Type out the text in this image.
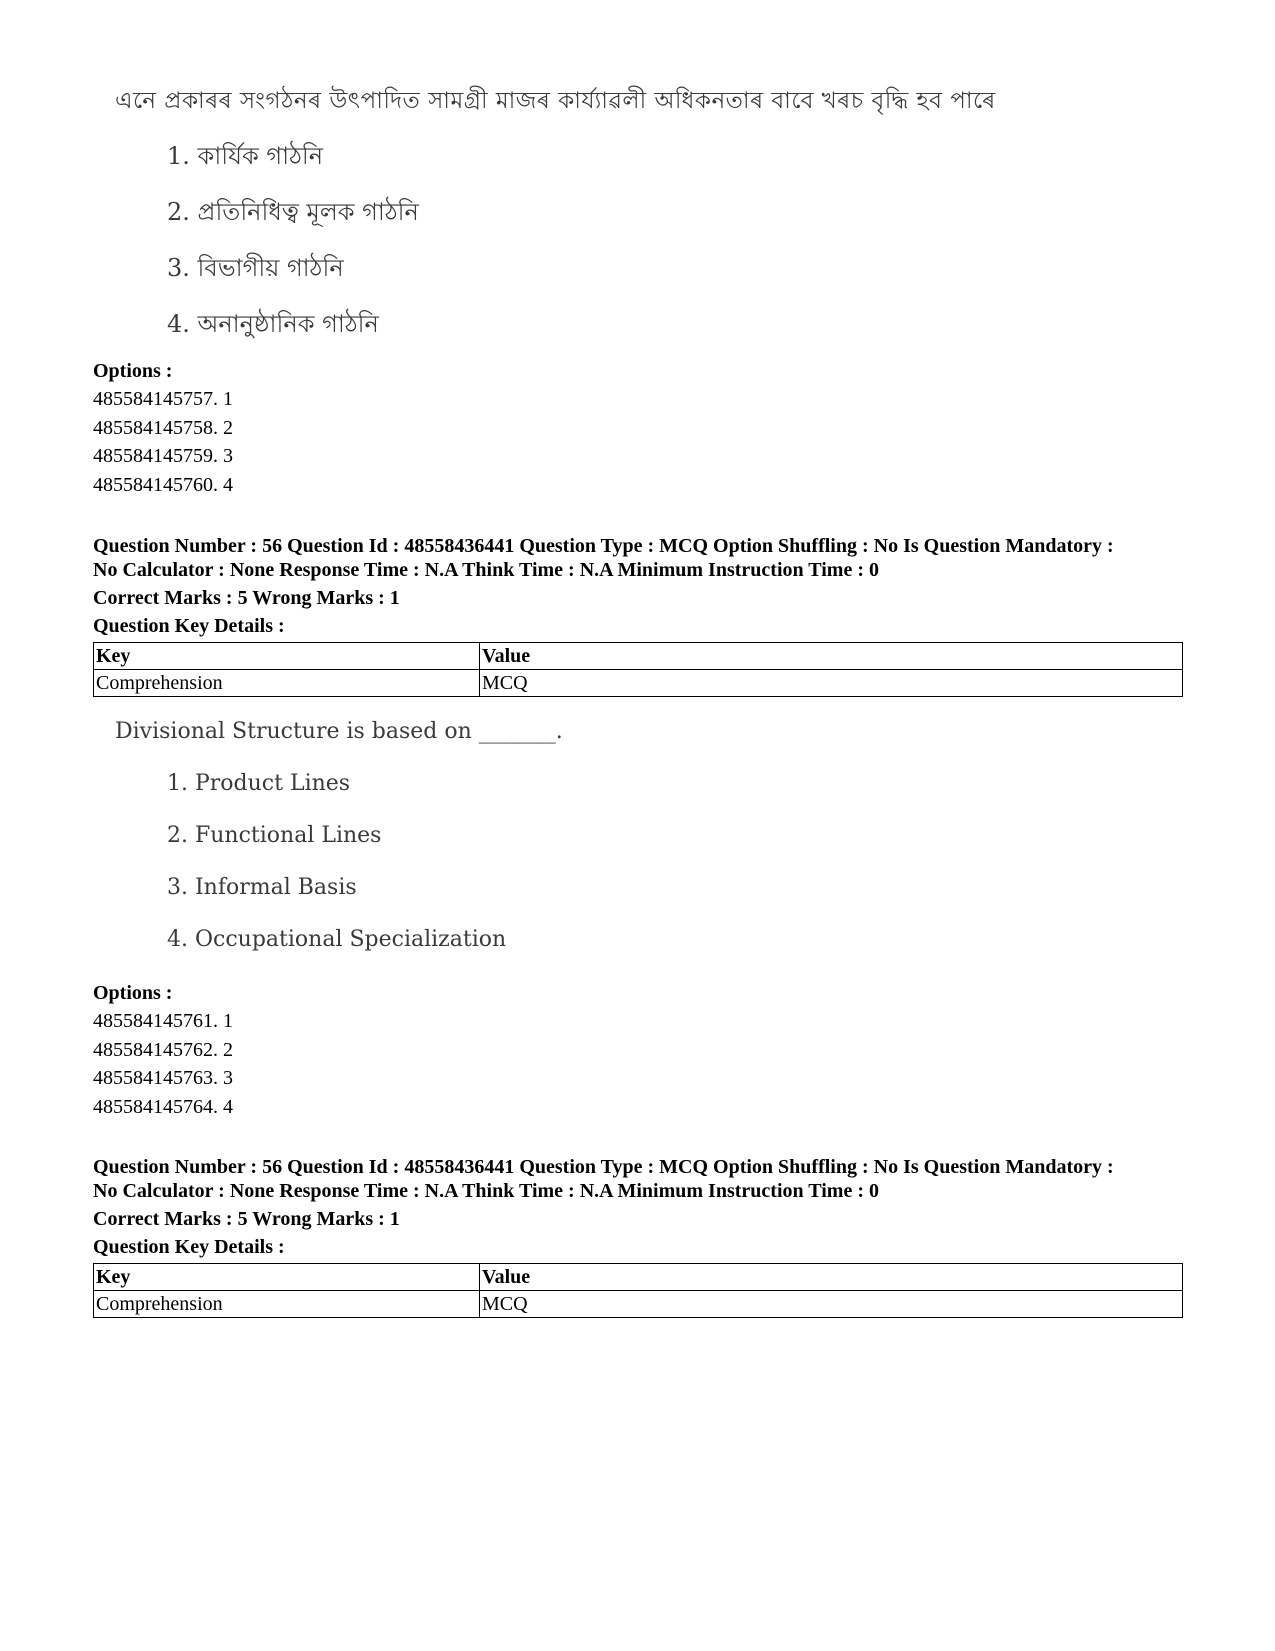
এনে প্ৰকাৰৰ সংগঠনৰ উৎপাদিত সামগ্ৰী মাজৰ কাৰ্য্যাৱলী অধিকনতাৰ বাবে খৰচ বৃদ্ধি হব পাৰে
1. কাৰ্যিক গাঠনি
2. প্ৰতিনিধিত্ব মূলক গাঠনি
3. বিভাগীয় গাঠনি
4. অনানুষ্ঠানিক গাঠনি
Options :
485584145757. 1
485584145758. 2
485584145759. 3
485584145760. 4
Question Number : 56 Question Id : 48558436441 Question Type : MCQ Option Shuffling : No Is Question Mandatory :
No Calculator : None Response Time : N.A Think Time : N.A Minimum Instruction Time : 0
Correct Marks : 5 Wrong Marks : 1
Question Key Details :
Key	Value
Comprehension	MCQ
Divisional Structure is based on _______.
1. Product Lines
2. Functional Lines
3. Informal Basis
4. Occupational Specialization
Options :
485584145761. 1
485584145762. 2
485584145763. 3
485584145764. 4
Question Number : 56 Question Id : 48558436441 Question Type : MCQ Option Shuffling : No Is Question Mandatory :
No Calculator : None Response Time : N.A Think Time : N.A Minimum Instruction Time : 0
Correct Marks : 5 Wrong Marks : 1
Question Key Details :
Key	Value
Comprehension	MCQ
